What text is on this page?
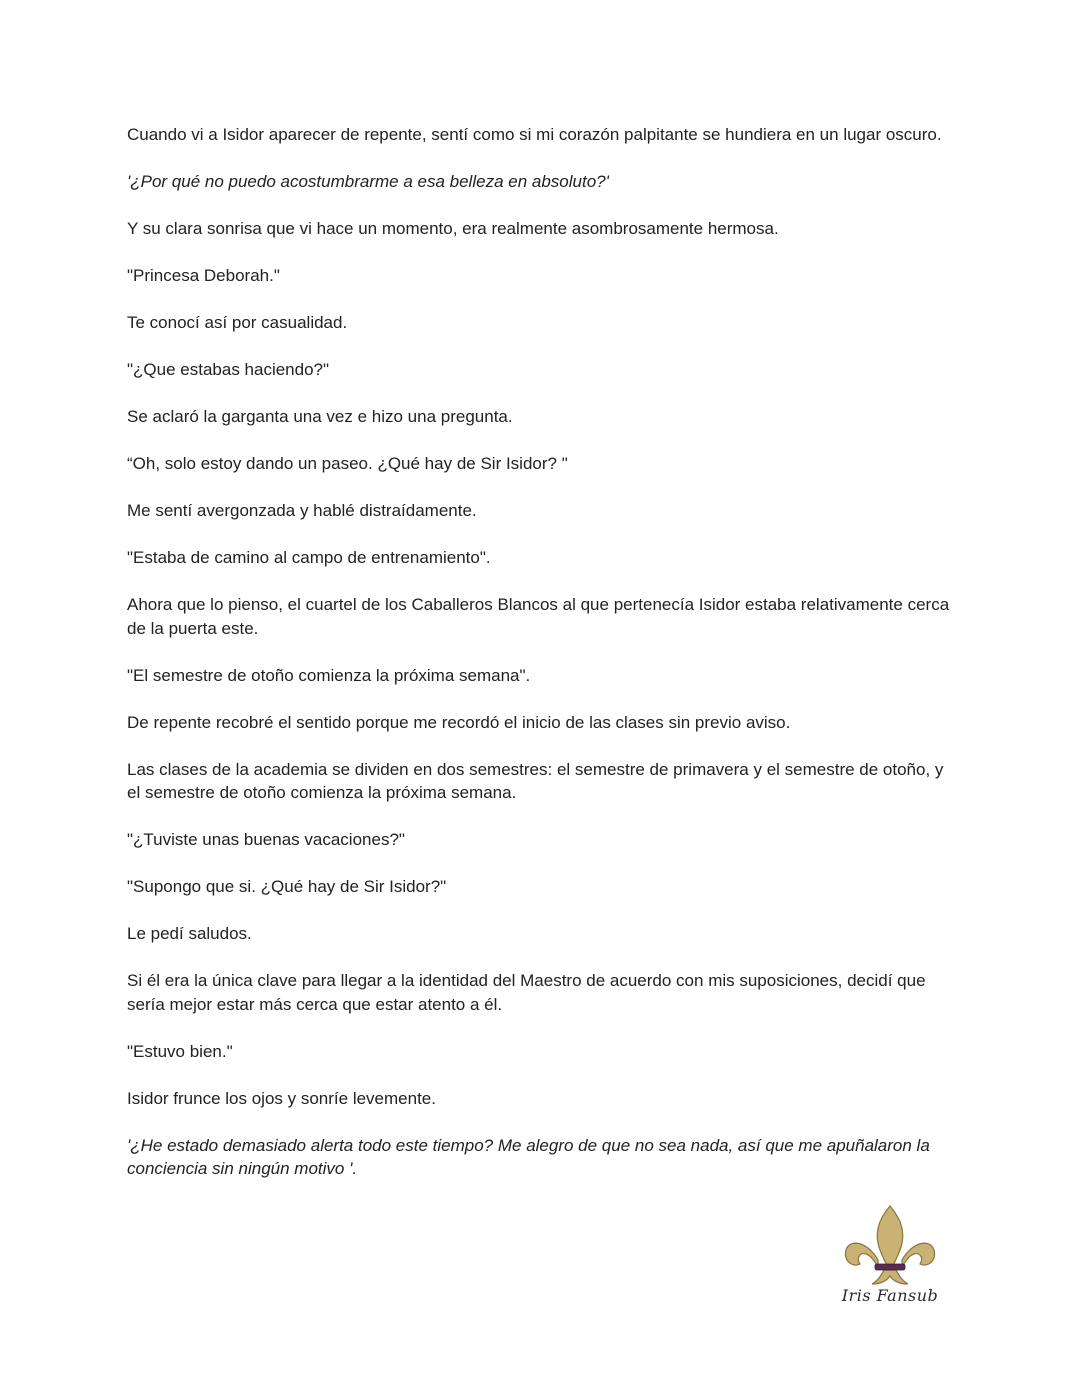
Cuando vi a Isidor aparecer de repente, sentí como si mi corazón palpitante se hundiera en un lugar oscuro.

'¿Por qué no puedo acostumbrarme a esa belleza en absoluto?'

Y su clara sonrisa que vi hace un momento, era realmente asombrosamente hermosa.

"Princesa Deborah."

Te conocí así por casualidad.

"¿Que estabas haciendo?"

Se aclaró la garganta una vez e hizo una pregunta.

“Oh, solo estoy dando un paseo. ¿Qué hay de Sir Isidor? "

Me sentí avergonzada y hablé distraídamente.

"Estaba de camino al campo de entrenamiento".

Ahora que lo pienso, el cuartel de los Caballeros Blancos al que pertenecía Isidor estaba relativamente cerca de la puerta este.

"El semestre de otoño comienza la próxima semana".

De repente recobré el sentido porque me recordó el inicio de las clases sin previo aviso.

Las clases de la academia se dividen en dos semestres: el semestre de primavera y el semestre de otoño, y el semestre de otoño comienza la próxima semana.

"¿Tuviste unas buenas vacaciones?"

"Supongo que si. ¿Qué hay de Sir Isidor?"

Le pedí saludos.

Si él era la única clave para llegar a la identidad del Maestro de acuerdo con mis suposiciones, decidí que sería mejor estar más cerca que estar atento a él.

"Estuvo bien."

Isidor frunce los ojos y sonríe levemente.

'¿He estado demasiado alerta todo este tiempo? Me alegro de que no sea nada, así que me apuñalaron la conciencia sin ningún motivo '.

Iris Fansub
